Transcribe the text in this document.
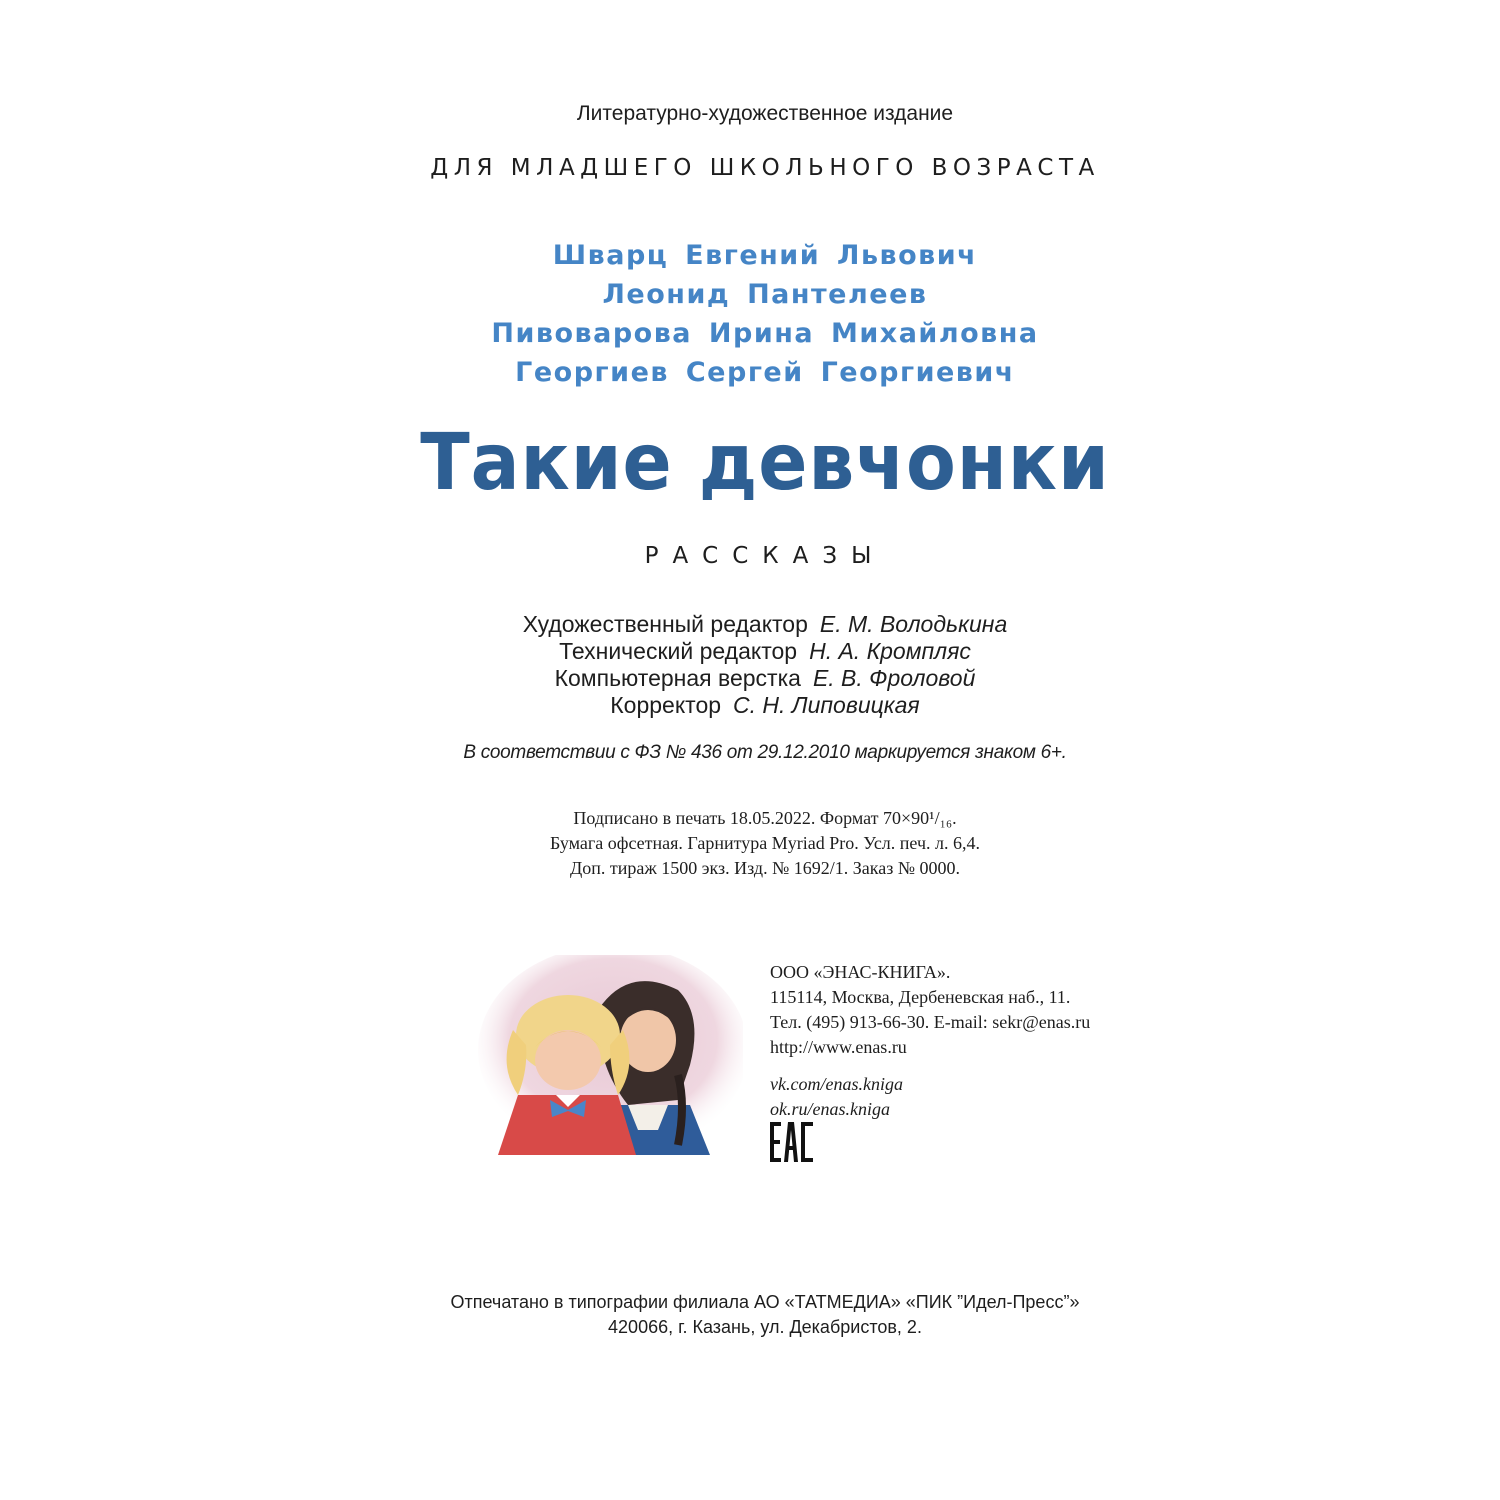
Литературно-художественное издание
ДЛЯ МЛАДШЕГО ШКОЛЬНОГО ВОЗРАСТА
Шварц Евгений Львович
Леонид Пантелеев
Пивоварова Ирина Михайловна
Георгиев Сергей Георгиевич
Такие девчонки
РАССКАЗЫ
Художественный редактор Е. М. Володькина
Технический редактор Н. А. Кромпляс
Компьютерная верстка Е. В. Фроловой
Корректор С. Н. Липовицкая
В соответствии с ФЗ № 436 от 29.12.2010 маркируется знаком 6+.
Подписано в печать 18.05.2022. Формат 70×90¹/₁₆.
Бумага офсетная. Гарнитура Myriad Pro. Усл. печ. л. 6,4.
Доп. тираж 1500 экз. Изд. № 1692/1. Заказ № 0000.
ООО «ЭНАС-КНИГА».
115114, Москва, Дербеневская наб., 11.
Тел. (495) 913-66-30. E-mail: sekr@enas.ru
http://www.enas.ru
vk.com/enas.kniga
ok.ru/enas.kniga
Отпечатано в типографии филиала АО «ТАТМЕДИА» «ПИК ”Идел-Пресс”»
420066, г. Казань, ул. Декабристов, 2.
